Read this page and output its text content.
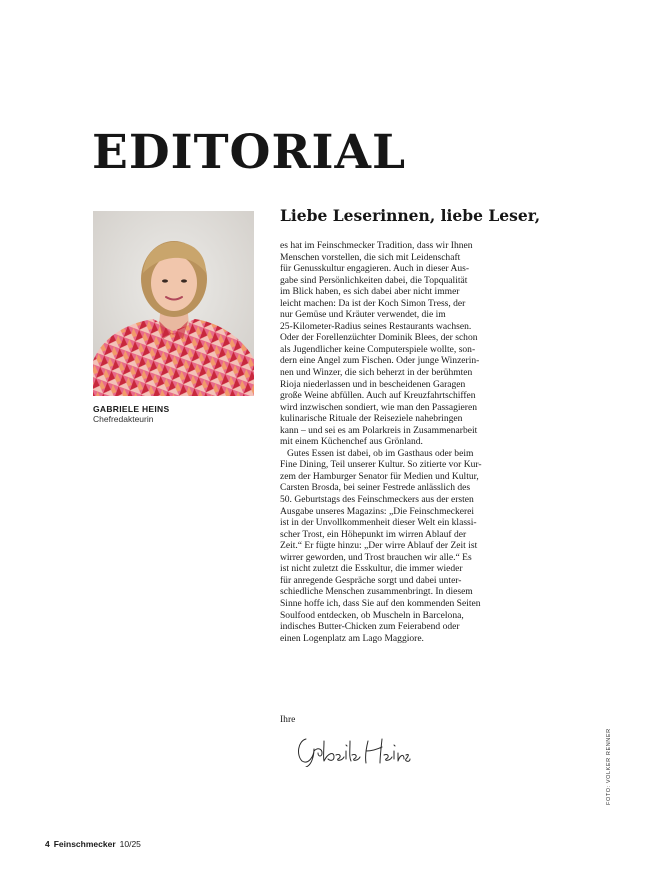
EDITORIAL
GABRIELE HEINS
Chefredakteurin
Liebe Leserinnen, liebe Leser,
es hat im Feinschmecker Tradition, dass wir Ihnen
Menschen vorstellen, die sich mit Leidenschaft
für Genusskultur engagieren. Auch in dieser Aus-
gabe sind Persönlichkeiten dabei, die Topqualität
im Blick haben, es sich dabei aber nicht immer
leicht machen: Da ist der Koch Simon Tress, der
nur Gemüse und Kräuter verwendet, die im
25-Kilometer-Radius seines Restaurants wachsen.
Oder der Forellenzüchter Dominik Blees, der schon
als Jugendlicher keine Computerspiele wollte, son-
dern eine Angel zum Fischen. Oder junge Winzerin-
nen und Winzer, die sich beherzt in der berühmten
Rioja niederlassen und in bescheidenen Garagen
große Weine abfüllen. Auch auf Kreuzfahrtschiffen
wird inzwischen sondiert, wie man den Passagieren
kulinarische Rituale der Reiseziele nahebringen
kann – und sei es am Polarkreis in Zusammenarbeit
mit einem Küchenchef aus Grönland.
Gutes Essen ist dabei, ob im Gasthaus oder beim
Fine Dining, Teil unserer Kultur. So zitierte vor Kur-
zem der Hamburger Senator für Medien und Kultur,
Carsten Brosda, bei seiner Festrede anlässlich des
50. Geburtstags des Feinschmeckers aus der ersten
Ausgabe unseres Magazins: „Die Feinschmeckerei
ist in der Unvollkommenheit dieser Welt ein klassi-
scher Trost, ein Höhepunkt im wirren Ablauf der
Zeit.“ Er fügte hinzu: „Der wirre Ablauf der Zeit ist
wirrer geworden, und Trost brauchen wir alle.“ Es
ist nicht zuletzt die Esskultur, die immer wieder
für anregende Gespräche sorgt und dabei unter-
schiedliche Menschen zusammenbringt. In diesem
Sinne hoffe ich, dass Sie auf den kommenden Seiten
Soulfood entdecken, ob Muscheln in Barcelona,
indisches Butter-Chicken zum Feierabend oder
einen Logenplatz am Lago Maggiore.
Ihre
FOTO: VOLKER RENNER
4 Feinschmecker 10/25
